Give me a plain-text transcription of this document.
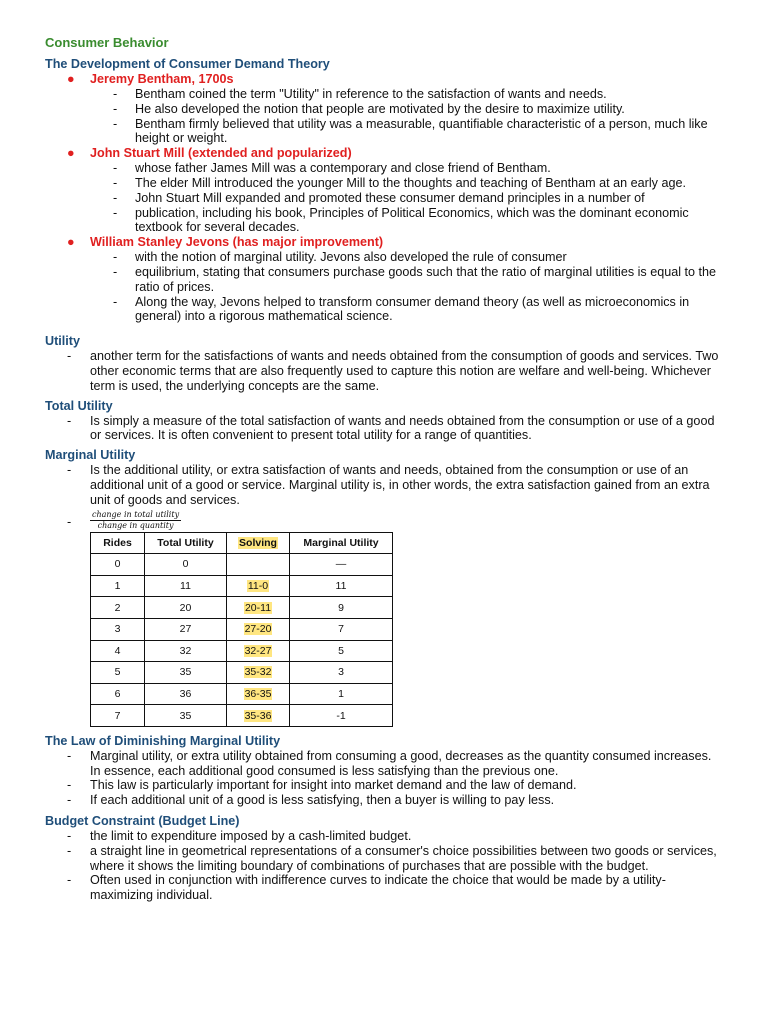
Consumer Behavior
The Development of Consumer Demand Theory
● Jeremy Bentham, 1700s
- Bentham coined the term "Utility" in reference to the satisfaction of wants and needs.
- He also developed the notion that people are motivated by the desire to maximize utility.
- Bentham firmly believed that utility was a measurable, quantifiable characteristic of a person, much like height or weight.
● John Stuart Mill (extended and popularized)
- whose father James Mill was a contemporary and close friend of Bentham.
- The elder Mill introduced the younger Mill to the thoughts and teaching of Bentham at an early age.
- John Stuart Mill expanded and promoted these consumer demand principles in a number of
- publication, including his book, Principles of Political Economics, which was the dominant economic textbook for several decades.
● William Stanley Jevons (has major improvement)
- with the notion of marginal utility. Jevons also developed the rule of consumer
- equilibrium, stating that consumers purchase goods such that the ratio of marginal utilities is equal to the ratio of prices.
- Along the way, Jevons helped to transform consumer demand theory (as well as microeconomics in general) into a rigorous mathematical science.
Utility
- another term for the satisfactions of wants and needs obtained from the consumption of goods and services. Two other economic terms that are also frequently used to capture this notion are welfare and well-being. Whichever term is used, the underlying concepts are the same.
Total Utility
- Is simply a measure of the total satisfaction of wants and needs obtained from the consumption or use of a good or services. It is often convenient to present total utility for a range of quantities.
Marginal Utility
- Is the additional utility, or extra satisfaction of wants and needs, obtained from the consumption or use of an additional unit of a good or service. Marginal utility is, in other words, the extra satisfaction gained from an extra unit of goods and services.
-
change in total utility
change in quantity
Rides	Total Utility	Solving	Marginal Utility
0	0		—
1	11	11-0	11
2	20	20-11	9
3	27	27-20	7
4	32	32-27	5
5	35	35-32	3
6	36	36-35	1
7	35	35-36	-1
The Law of Diminishing Marginal Utility
- Marginal utility, or extra utility obtained from consuming a good, decreases as the quantity consumed increases. In essence, each additional good consumed is less satisfying than the previous one.
- This law is particularly important for insight into market demand and the law of demand.
- If each additional unit of a good is less satisfying, then a buyer is willing to pay less.
Budget Constraint (Budget Line)
- the limit to expenditure imposed by a cash-limited budget.
- a straight line in geometrical representations of a consumer's choice possibilities between two goods or services, where it shows the limiting boundary of combinations of purchases that are possible with the budget.
- Often used in conjunction with indifference curves to indicate the choice that would be made by a utility-maximizing individual.
